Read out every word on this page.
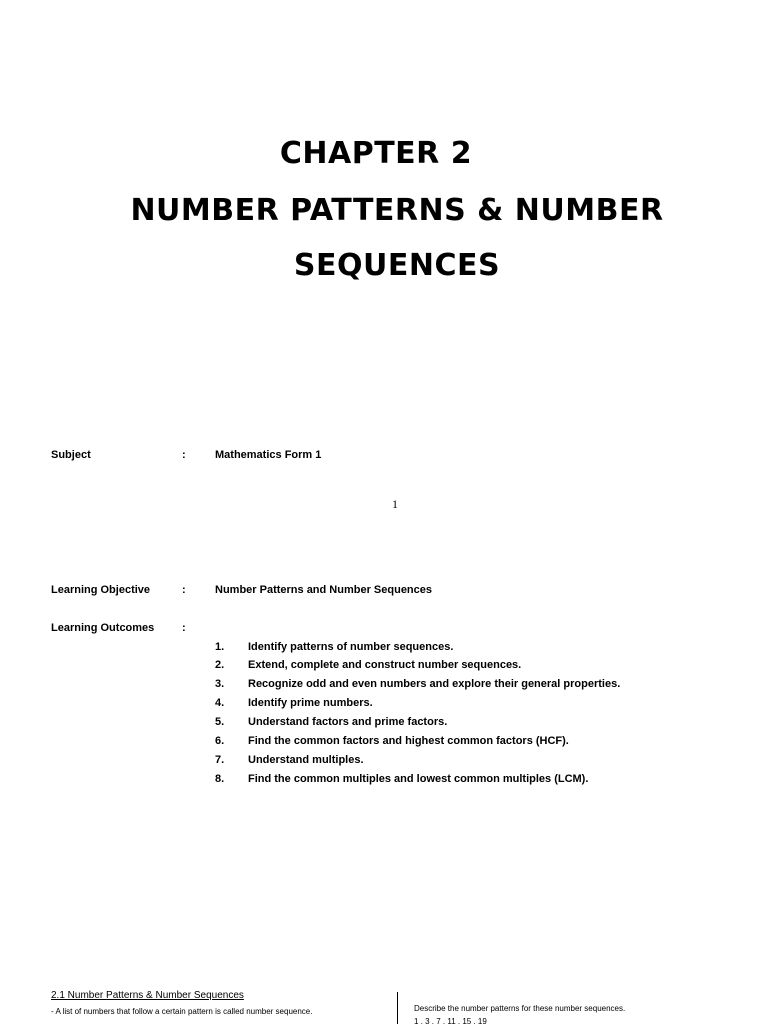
CHAPTER 2
NUMBER PATTERNS & NUMBER
SEQUENCES
Subject	:	Mathematics Form 1
1
Learning Objective	:	Number Patterns and Number Sequences
Learning Outcomes	:
1. Identify patterns of number sequences.
2. Extend, complete and construct number sequences.
3. Recognize odd and even numbers and explore their general properties.
4. Identify prime numbers.
5. Understand factors and prime factors.
6. Find the common factors and highest common factors (HCF).
7. Understand multiples.
8. Find the common multiples and lowest common multiples (LCM).
2.1 Number Patterns & Number Sequences
- A list of numbers that follow a certain pattern is called number sequence.	Describe the number patterns for these number sequences.
1 , 3 , 7 , 11 , 15 , 19
